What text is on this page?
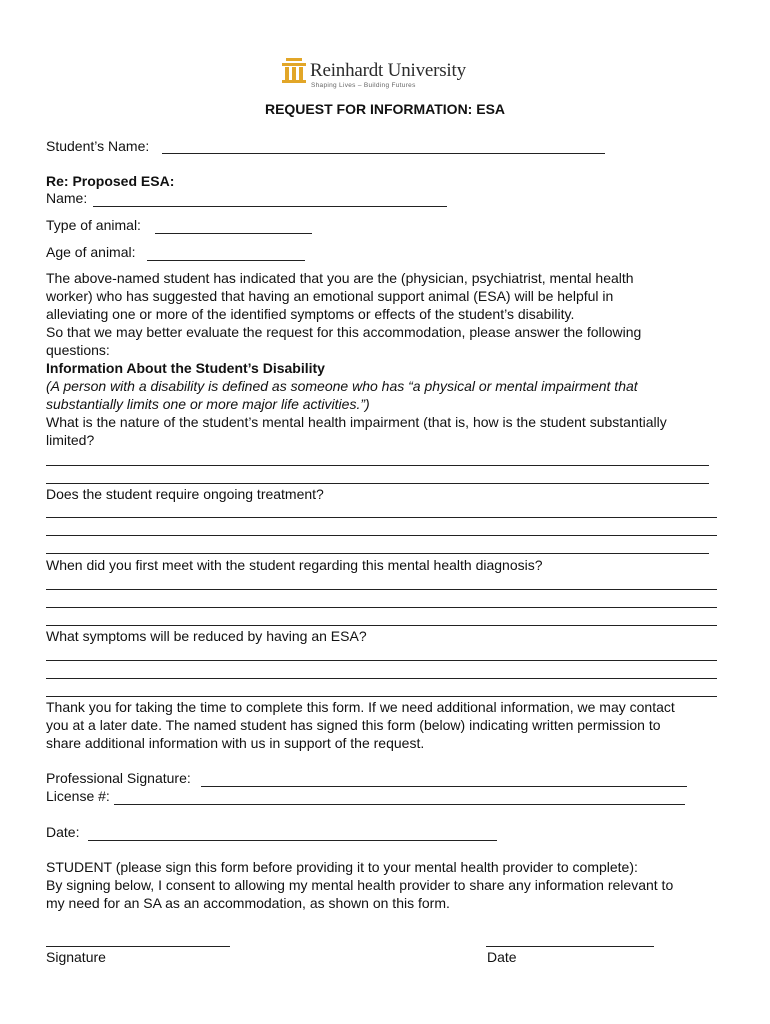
Reinhardt University
Shaping Lives – Building Futures
REQUEST FOR INFORMATION: ESA
Student’s Name:
Re: Proposed ESA:
Name:
Type of animal:
Age of animal:
The above-named student has indicated that you are the (physician, psychiatrist, mental health
worker) who has suggested that having an emotional support animal (ESA) will be helpful in
alleviating one or more of the identified symptoms or effects of the student’s disability.
So that we may better evaluate the request for this accommodation, please answer the following
questions:
Information About the Student’s Disability
(A person with a disability is defined as someone who has “a physical or mental impairment that
substantially limits one or more major life activities.”)
What is the nature of the student’s mental health impairment (that is, how is the student substantially
limited?
Does the student require ongoing treatment?
When did you first meet with the student regarding this mental health diagnosis?
What symptoms will be reduced by having an ESA?
Thank you for taking the time to complete this form. If we need additional information, we may contact
you at a later date. The named student has signed this form (below) indicating written permission to
share additional information with us in support of the request.
Professional Signature:
License #:
Date:
STUDENT (please sign this form before providing it to your mental health provider to complete):
By signing below, I consent to allowing my mental health provider to share any information relevant to
my need for an SA as an accommodation, as shown on this form.
Signature	Date
